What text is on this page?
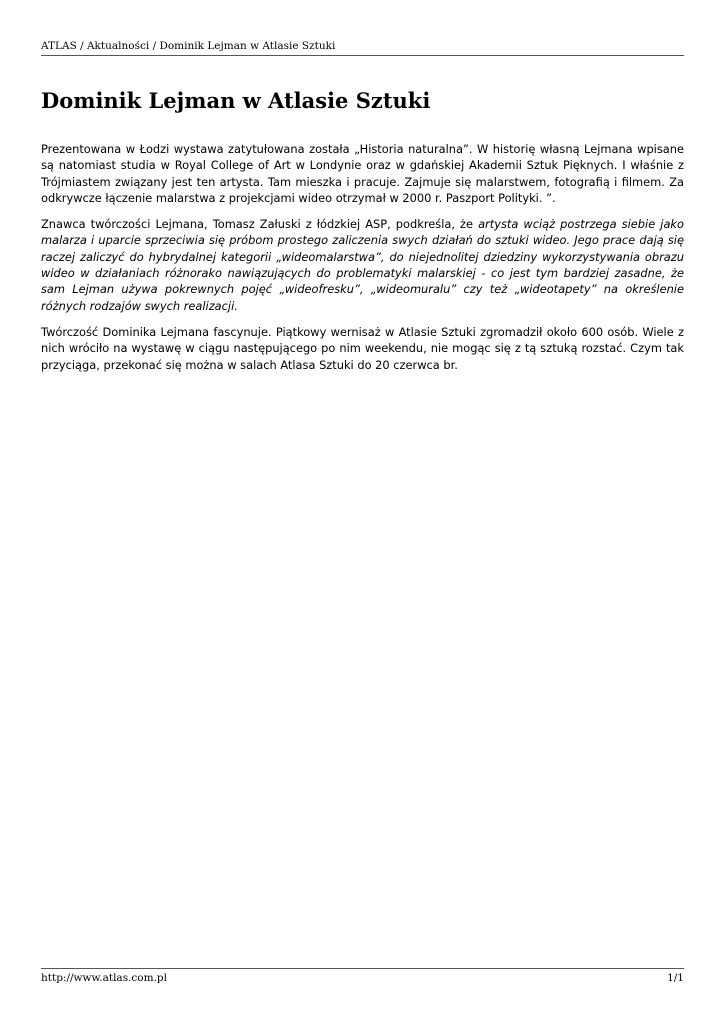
ATLAS / Aktualności / Dominik Lejman w Atlasie Sztuki
Dominik Lejman w Atlasie Sztuki

Prezentowana w Łodzi wystawa zatytułowana została „Historia naturalna”. W historię własną Lejmana wpisane są natomiast studia w Royal College of Art w Londynie oraz w gdańskiej Akademii Sztuk Pięknych. I właśnie z Trójmiastem związany jest ten artysta. Tam mieszka i pracuje. Zajmuje się malarstwem, fotografią i filmem. Za odkrywcze łączenie malarstwa z projekcjami wideo otrzymał w 2000 r. Paszport Polityki. ”.

Znawca twórczości Lejmana, Tomasz Załuski z łódzkiej ASP, podkreśla, że artysta wciąż postrzega siebie jako malarza i uparcie sprzeciwia się próbom prostego zaliczenia swych działań do sztuki wideo. Jego prace dają się raczej zaliczyć do hybrydalnej kategorii „wideomalarstwa”, do niejednolitej dziedziny wykorzystywania obrazu wideo w działaniach różnorako nawiązujących do problematyki malarskiej - co jest tym bardziej zasadne, że sam Lejman używa pokrewnych pojęć „wideofresku”, „wideomuralu” czy też „wideotapety” na określenie różnych rodzajów swych realizacji.

Twórczość Dominika Lejmana fascynuje. Piątkowy wernisaż w Atlasie Sztuki zgromadził około 600 osób. Wiele z nich wróciło na wystawę w ciągu następującego po nim weekendu, nie mogąc się z tą sztuką rozstać. Czym tak przyciąga, przekonać się można w salach Atlasa Sztuki do 20 czerwca br.

http://www.atlas.com.pl	1/1
